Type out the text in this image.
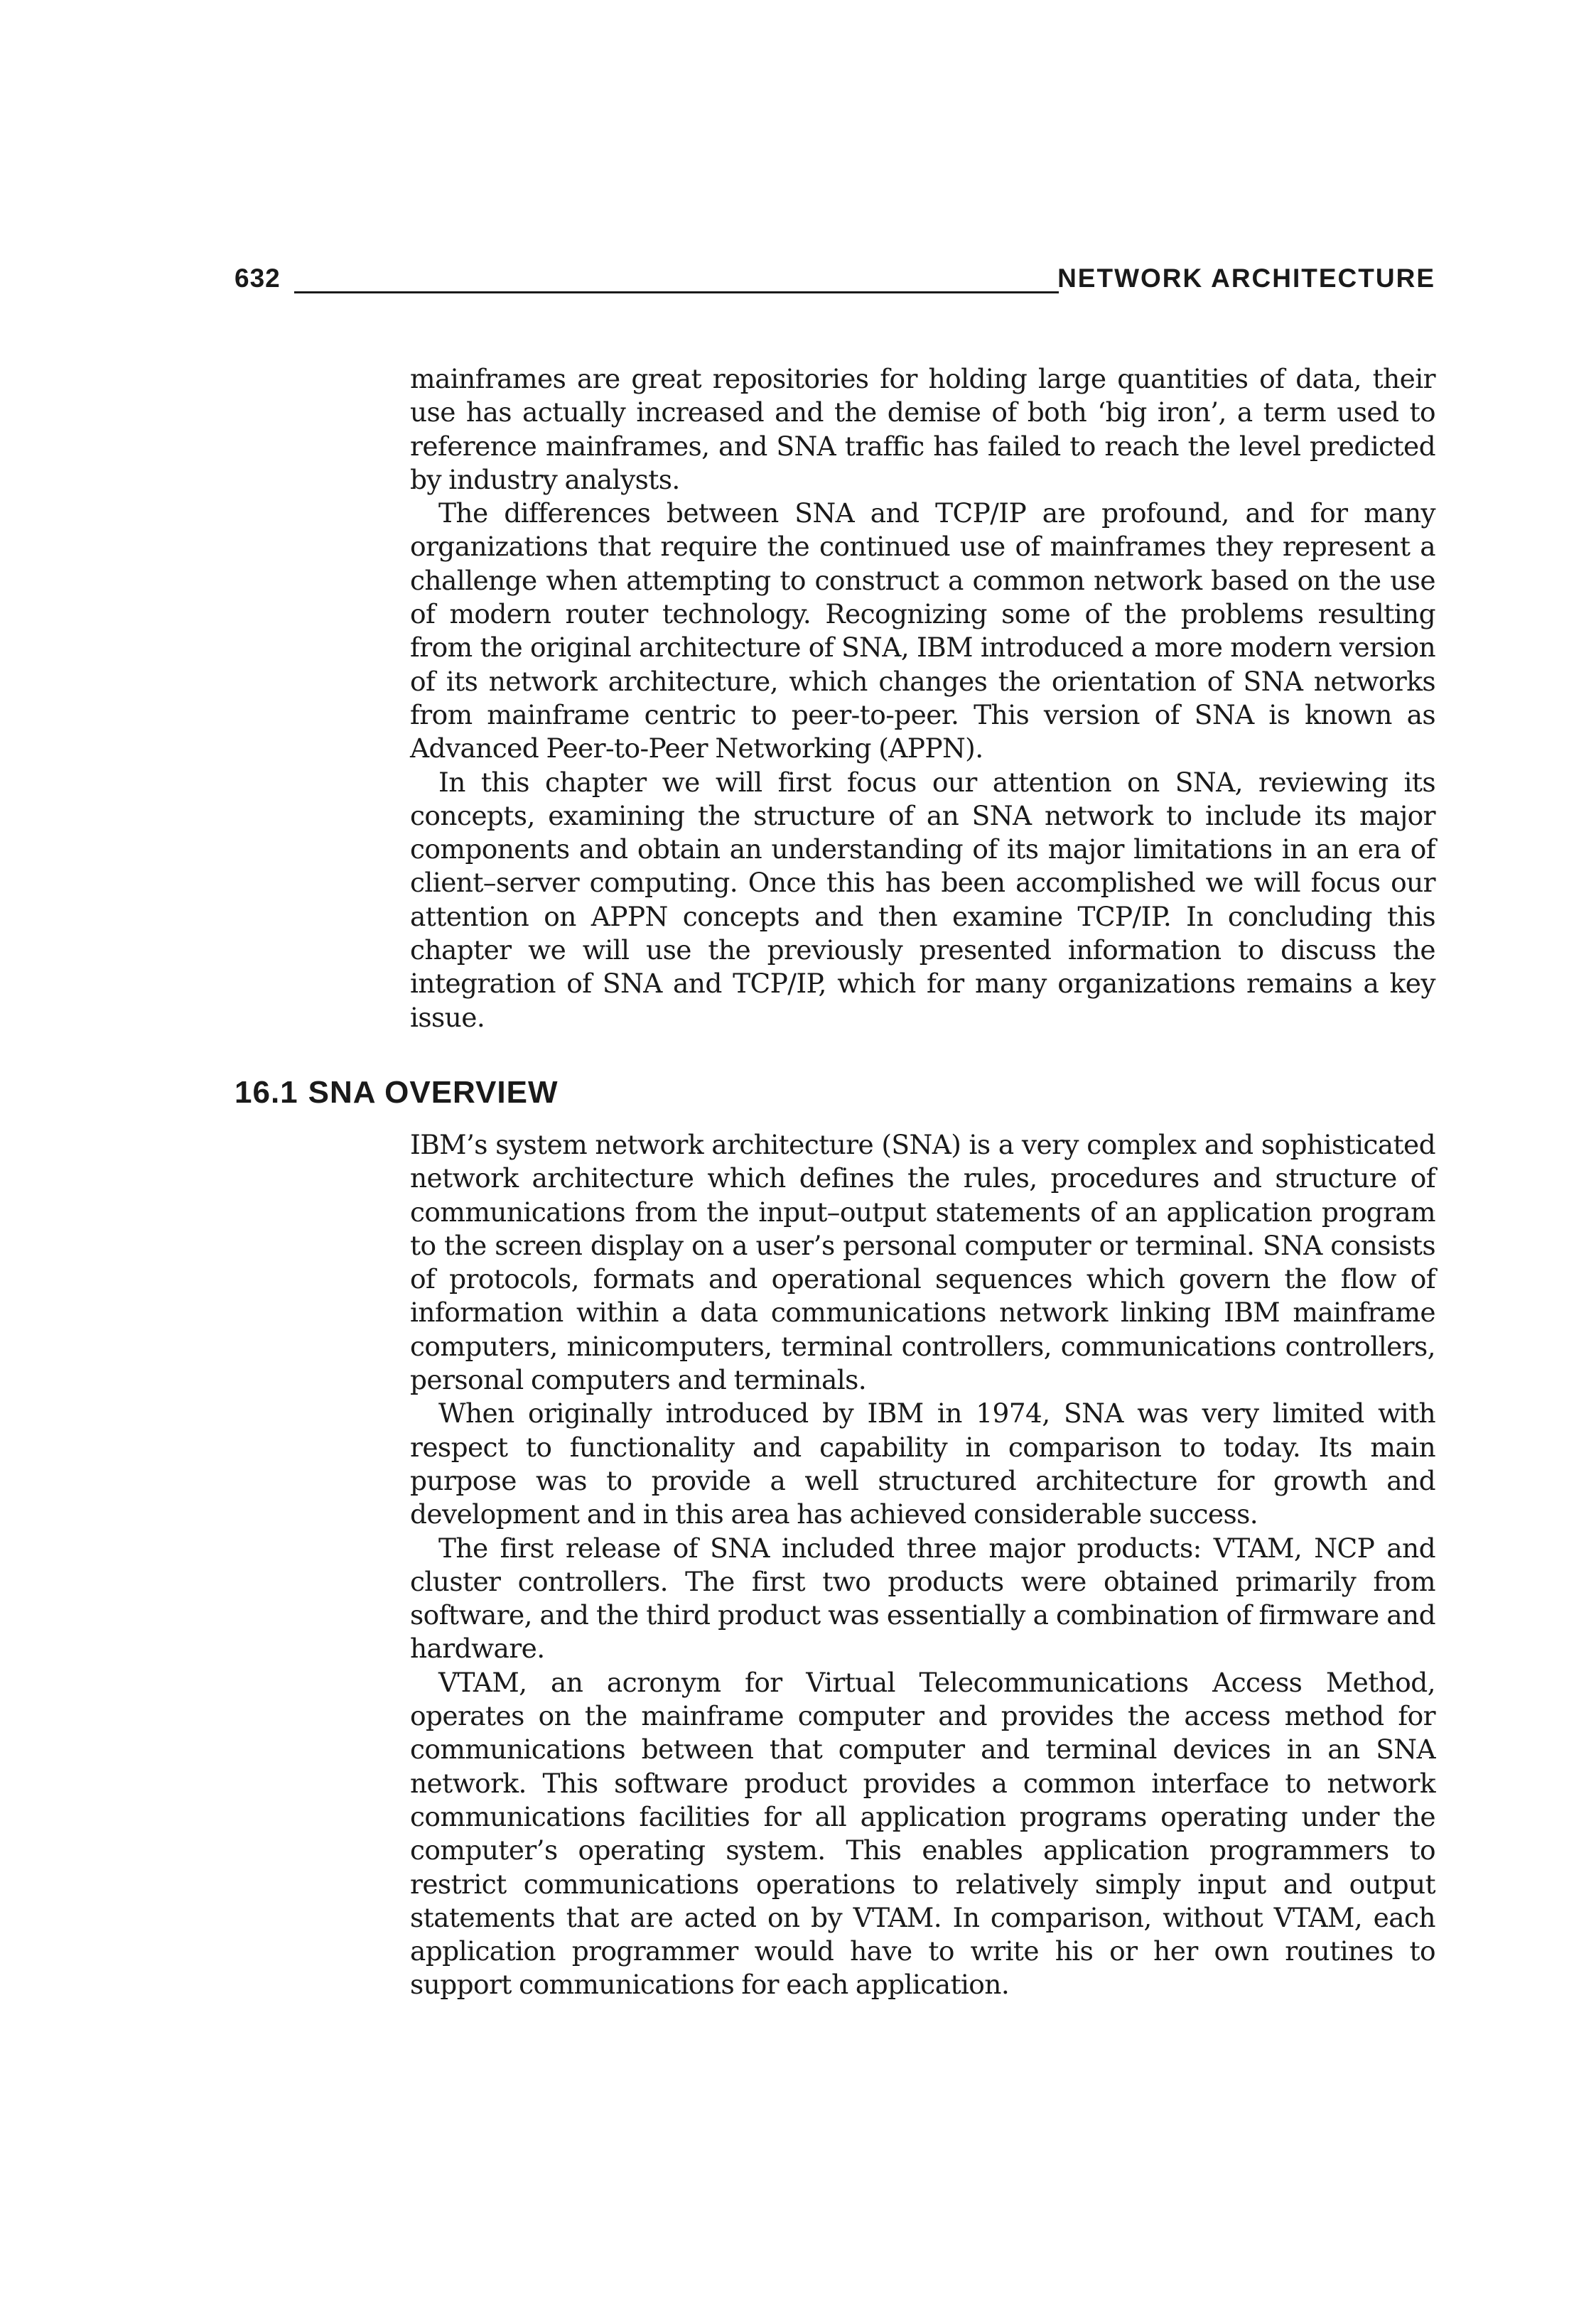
632	NETWORK ARCHITECTURE

mainframes are great repositories for holding large quantities of data, their use has actually increased and the demise of both ‘big iron’, a term used to reference mainframes, and SNA traffic has failed to reach the level predicted by industry analysts.

The differences between SNA and TCP/IP are profound, and for many organizations that require the continued use of mainframes they represent a challenge when attempting to construct a common network based on the use of modern router technology. Recognizing some of the problems resulting from the original architecture of SNA, IBM introduced a more modern version of its network architecture, which changes the orientation of SNA networks from mainframe centric to peer-to-peer. This version of SNA is known as Advanced Peer-to-Peer Networking (APPN).

In this chapter we will first focus our attention on SNA, reviewing its concepts, examining the structure of an SNA network to include its major components and obtain an understanding of its major limitations in an era of client–server computing. Once this has been accomplished we will focus our attention on APPN concepts and then examine TCP/IP. In concluding this chapter we will use the previously presented information to discuss the integration of SNA and TCP/IP, which for many organizations remains a key issue.

16.1 SNA OVERVIEW

IBM’s system network architecture (SNA) is a very complex and sophisticated network architecture which defines the rules, procedures and structure of communications from the input–output statements of an application program to the screen display on a user’s personal computer or terminal. SNA consists of protocols, formats and operational sequences which govern the flow of information within a data communications network linking IBM mainframe computers, minicomputers, terminal controllers, communications controllers, personal computers and terminals.

When originally introduced by IBM in 1974, SNA was very limited with respect to functionality and capability in comparison to today. Its main purpose was to provide a well structured architecture for growth and development and in this area has achieved considerable success.

The first release of SNA included three major products: VTAM, NCP and cluster controllers. The first two products were obtained primarily from software, and the third product was essentially a combination of firmware and hardware.

VTAM, an acronym for Virtual Telecommunications Access Method, operates on the mainframe computer and provides the access method for communications between that computer and terminal devices in an SNA network. This software product provides a common interface to network communications facilities for all application programs operating under the computer’s operating system. This enables application programmers to restrict communications operations to relatively simply input and output statements that are acted on by VTAM. In comparison, without VTAM, each application programmer would have to write his or her own routines to support communications for each application.
